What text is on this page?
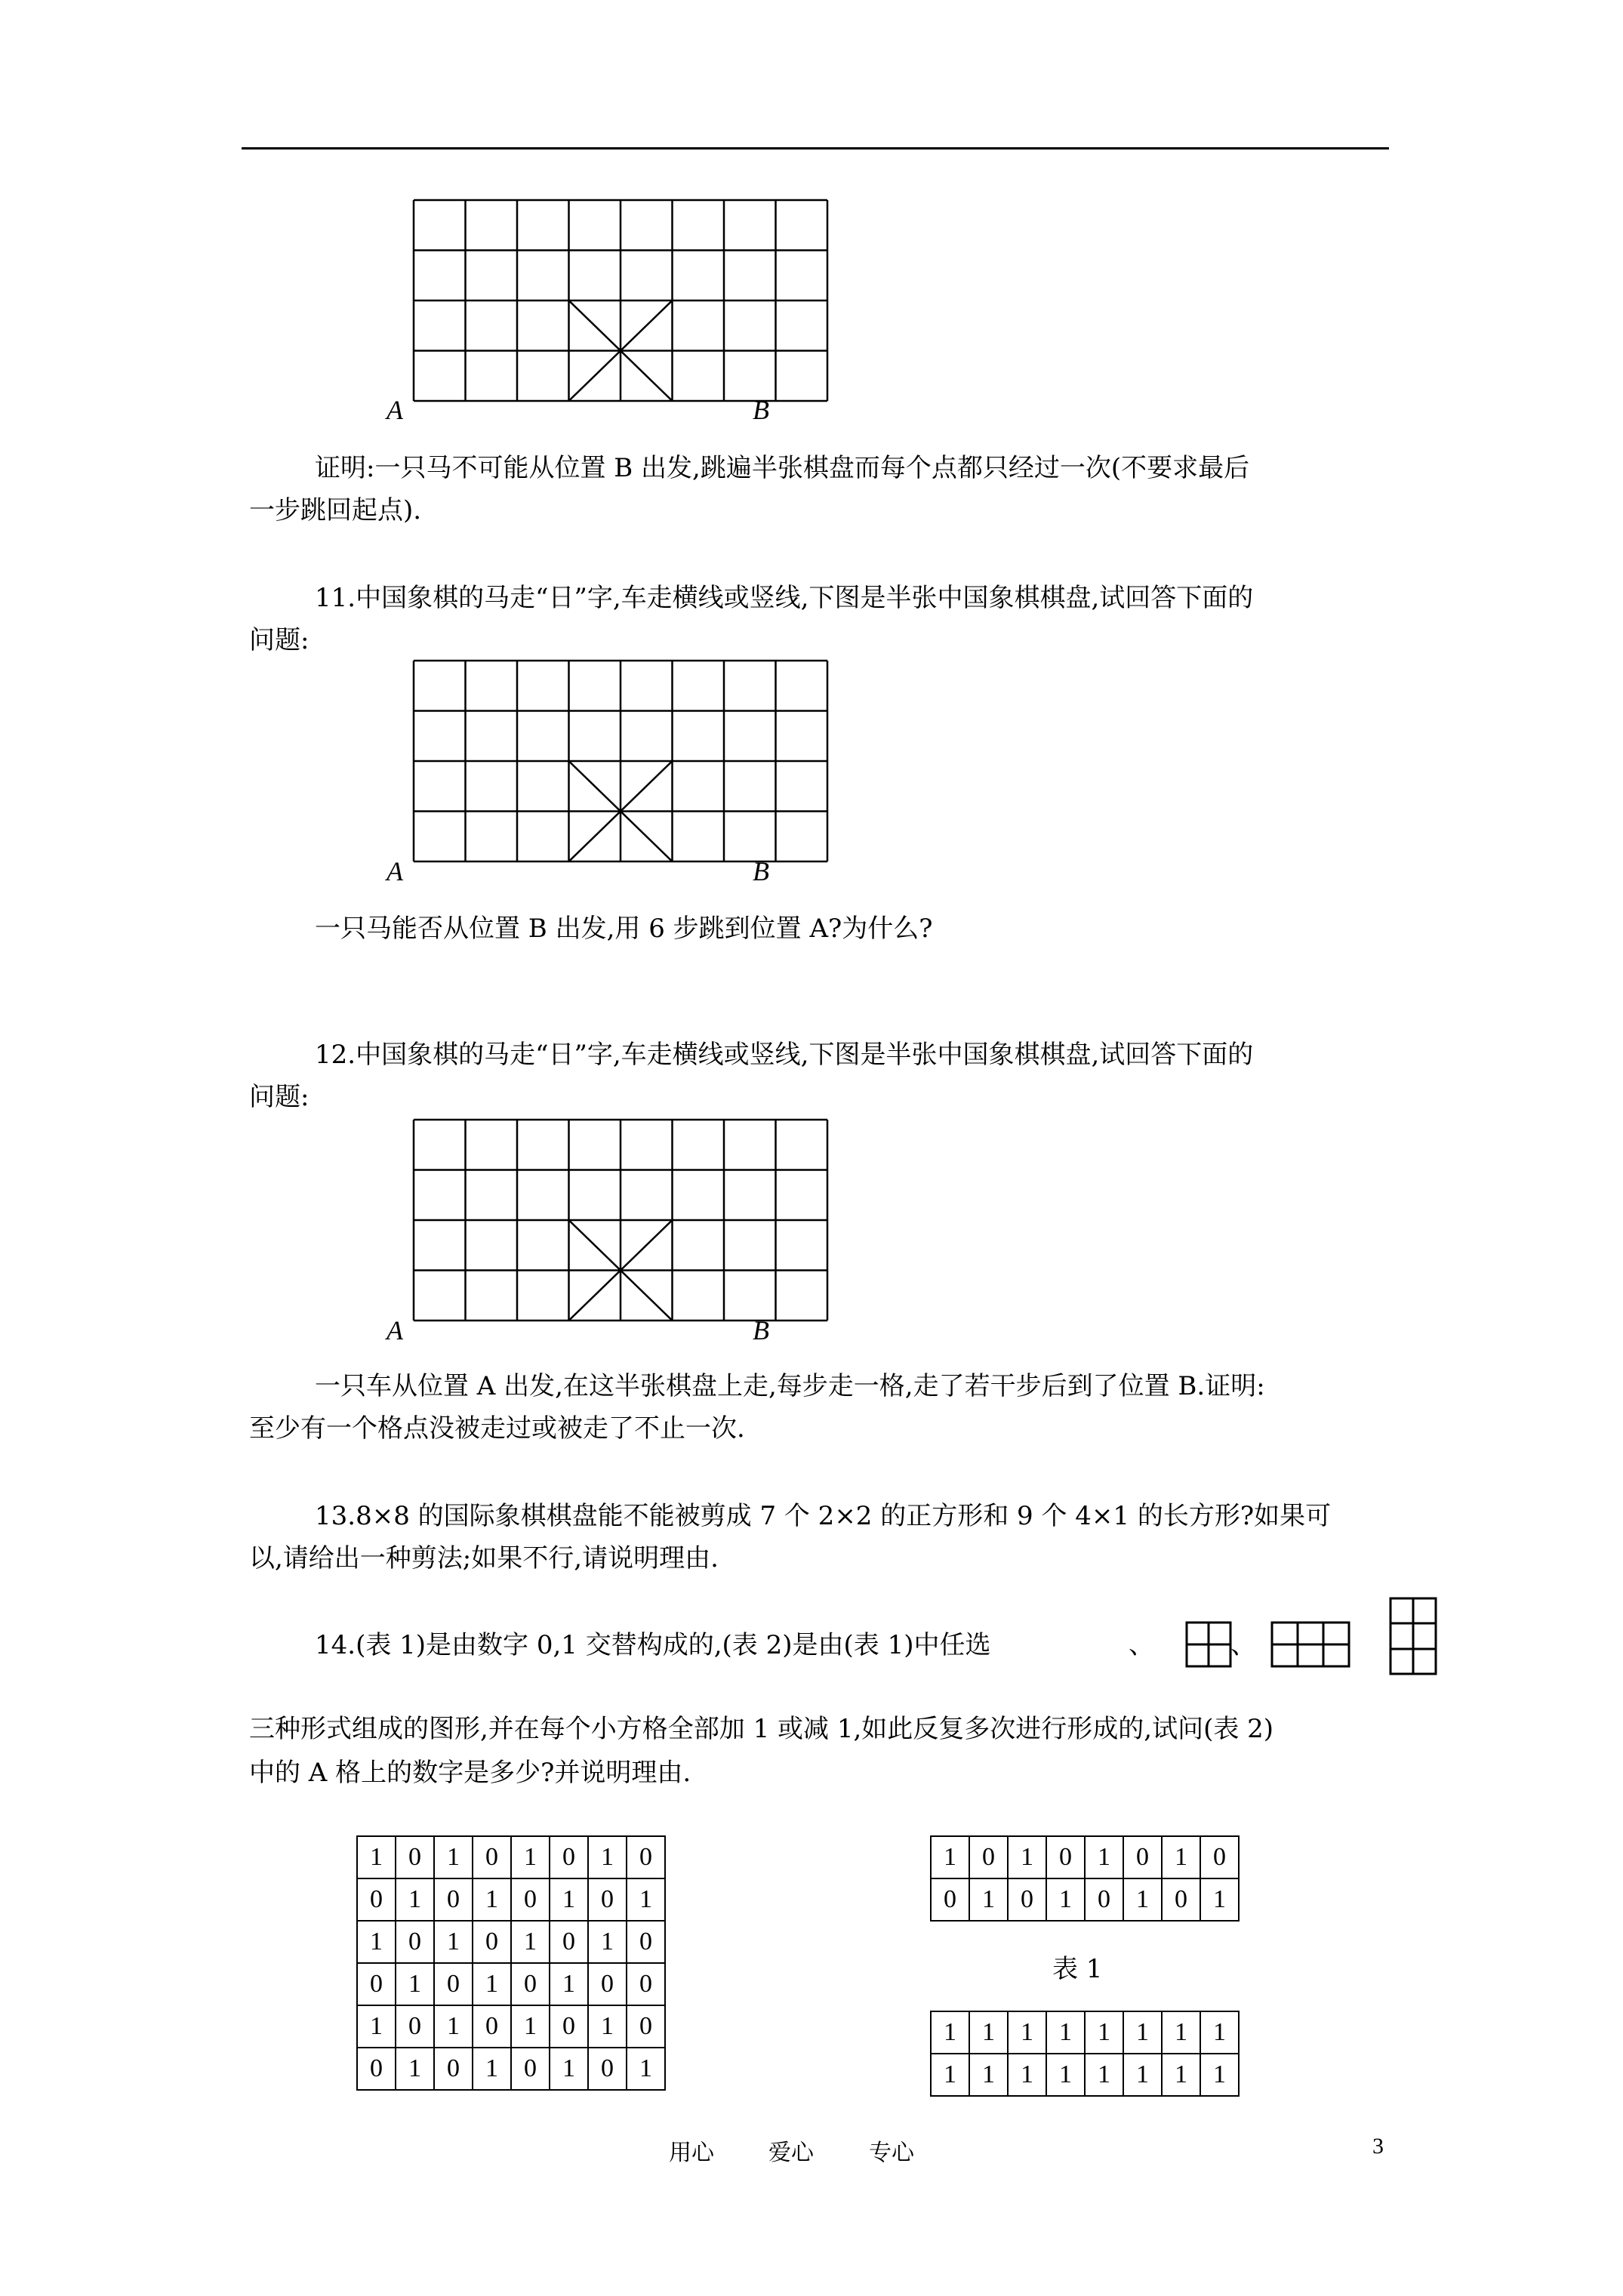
A	B
证明:一只马不可能从位置 B 出发,跳遍半张棋盘而每个点都只经过一次(不要求最后
一步跳回起点).
11.中国象棋的马走“日”字,车走横线或竖线,下图是半张中国象棋棋盘,试回答下面的
问题:
A	B
一只马能否从位置 B 出发,用 6 步跳到位置 A?为什么?
12.中国象棋的马走“日”字,车走横线或竖线,下图是半张中国象棋棋盘,试回答下面的
问题:
A	B
一只车从位置 A 出发,在这半张棋盘上走,每步走一格,走了若干步后到了位置 B.证明:
至少有一个格点没被走过或被走了不止一次.
13.8×8 的国际象棋棋盘能不能被剪成 7 个 2×2 的正方形和 9 个 4×1 的长方形?如果可
以,请给出一种剪法;如果不行,请说明理由.
14.(表 1)是由数字 0,1 交替构成的,(表 2)是由(表 1)中任选	、	、
三种形式组成的图形,并在每个小方格全部加 1 或减 1,如此反复多次进行形成的,试问(表 2)
中的 A 格上的数字是多少?并说明理由.
1	0	1	0	1	0	1	0
0	1	0	1	0	1	0	1
1	0	1	0	1	0	1	0
0	1	0	1	0	1	0	0
1	0	1	0	1	0	1	0
0	1	0	1	0	1	0	1
1	0	1	0	1	0	1	0
0	1	0	1	0	1	0	1
表 1
1	1	1	1	1	1	1	1
1	1	1	1	1	1	1	1
用心 爱心 专心	3
